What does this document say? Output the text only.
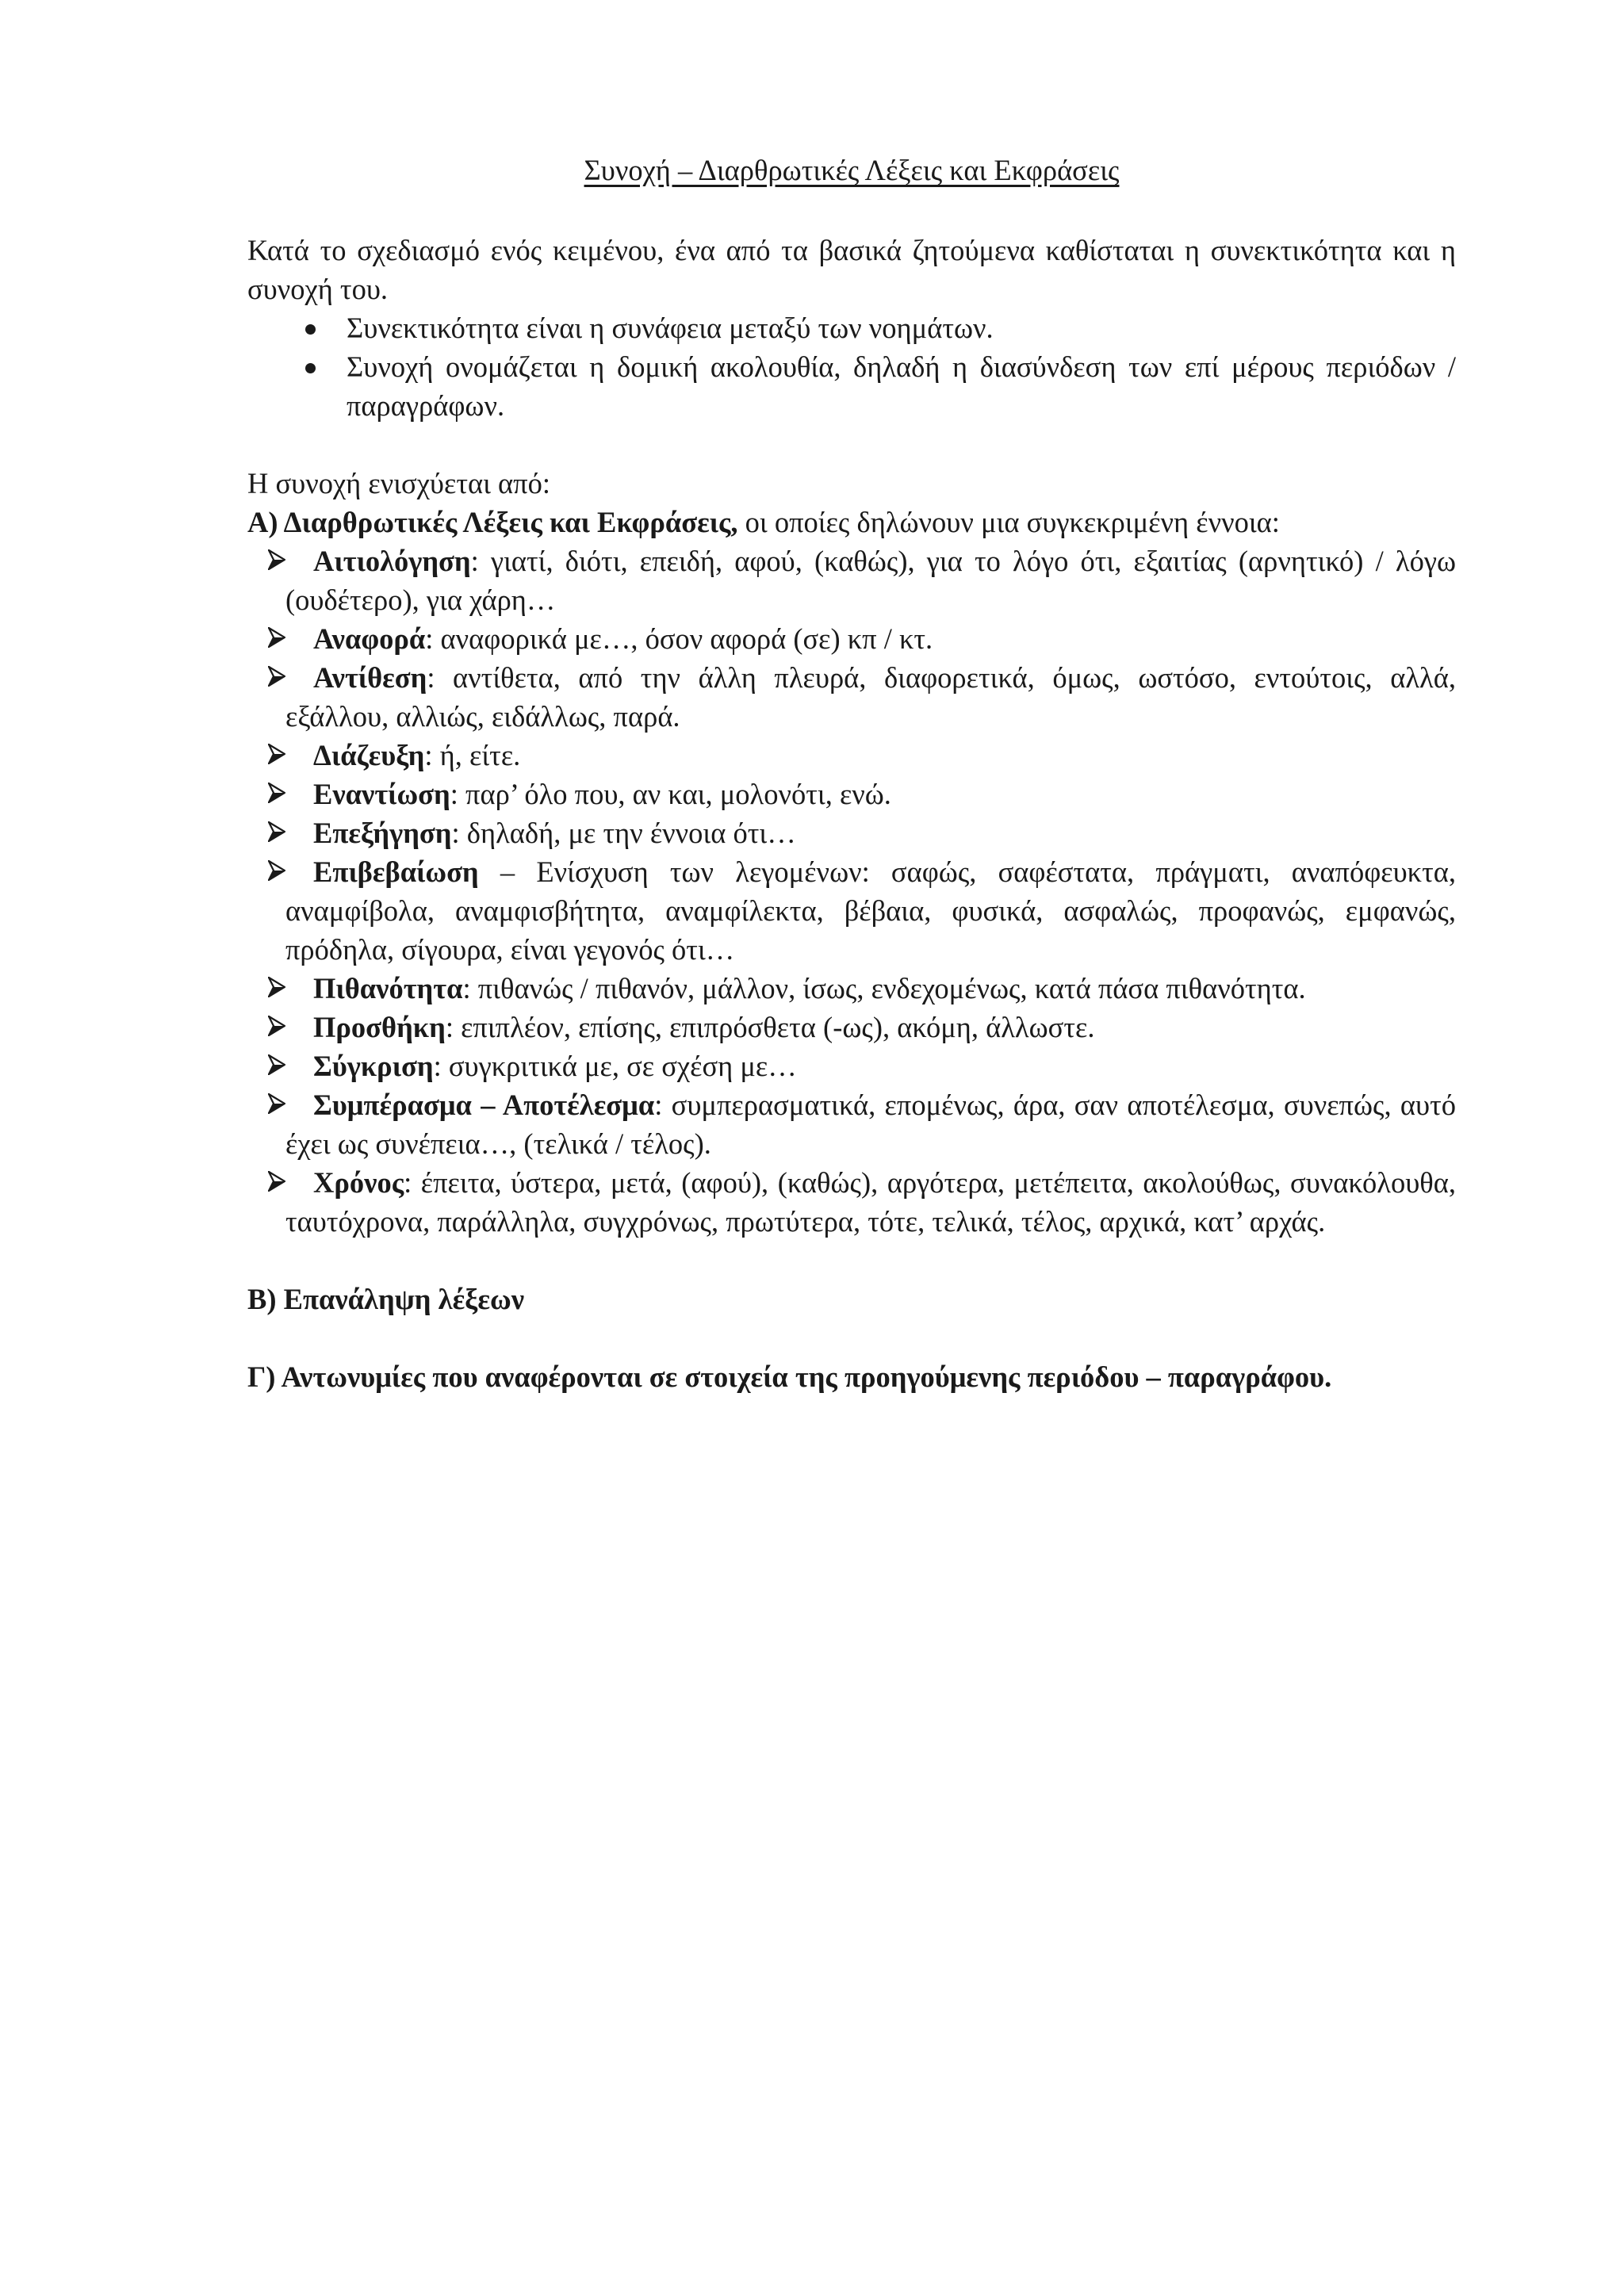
Συνοχή – Διαρθρωτικές Λέξεις και Εκφράσεις

Κατά το σχεδιασμό ενός κειμένου, ένα από τα βασικά ζητούμενα καθίσταται η συνεκτικότητα και η συνοχή του.

Συνεκτικότητα είναι η συνάφεια μεταξύ των νοημάτων.
Συνοχή ονομάζεται η δομική ακολουθία, δηλαδή η διασύνδεση των επί μέρους περιόδων / παραγράφων.

Η συνοχή ενισχύεται από:

Α) Διαρθρωτικές Λέξεις και Εκφράσεις, οι οποίες δηλώνουν μια συγκεκριμένη έννοια:

Αιτιολόγηση: γιατί, διότι, επειδή, αφού, (καθώς), για το λόγο ότι, εξαιτίας (αρνητικό) / λόγω (ουδέτερο), για χάρη…
Αναφορά: αναφορικά με…, όσον αφορά (σε) κπ / κτ.
Αντίθεση: αντίθετα, από την άλλη πλευρά, διαφορετικά, όμως, ωστόσο, εντούτοις, αλλά, εξάλλου, αλλιώς, ειδάλλως, παρά.
Διάζευξη: ή, είτε.
Εναντίωση: παρ’ όλο που, αν και, μολονότι, ενώ.
Επεξήγηση: δηλαδή, με την έννοια ότι…
Επιβεβαίωση – Ενίσχυση των λεγομένων: σαφώς, σαφέστατα, πράγματι, αναπόφευκτα, αναμφίβολα, αναμφισβήτητα, αναμφίλεκτα, βέβαια, φυσικά, ασφαλώς, προφανώς, εμφανώς, πρόδηλα, σίγουρα, είναι γεγονός ότι…
Πιθανότητα: πιθανώς / πιθανόν, μάλλον, ίσως, ενδεχομένως, κατά πάσα πιθανότητα.
Προσθήκη: επιπλέον, επίσης, επιπρόσθετα (-ως), ακόμη, άλλωστε.
Σύγκριση: συγκριτικά με, σε σχέση με…
Συμπέρασμα – Αποτέλεσμα: συμπερασματικά, επομένως, άρα, σαν αποτέλεσμα, συνεπώς, αυτό έχει ως συνέπεια…, (τελικά / τέλος).
Χρόνος: έπειτα, ύστερα, μετά, (αφού), (καθώς), αργότερα, μετέπειτα, ακολούθως, συνακόλουθα, ταυτόχρονα, παράλληλα, συγχρόνως, πρωτύτερα, τότε, τελικά, τέλος, αρχικά, κατ’ αρχάς.

Β) Επανάληψη λέξεων

Γ) Αντωνυμίες που αναφέρονται σε στοιχεία της προηγούμενης περιόδου – παραγράφου.
